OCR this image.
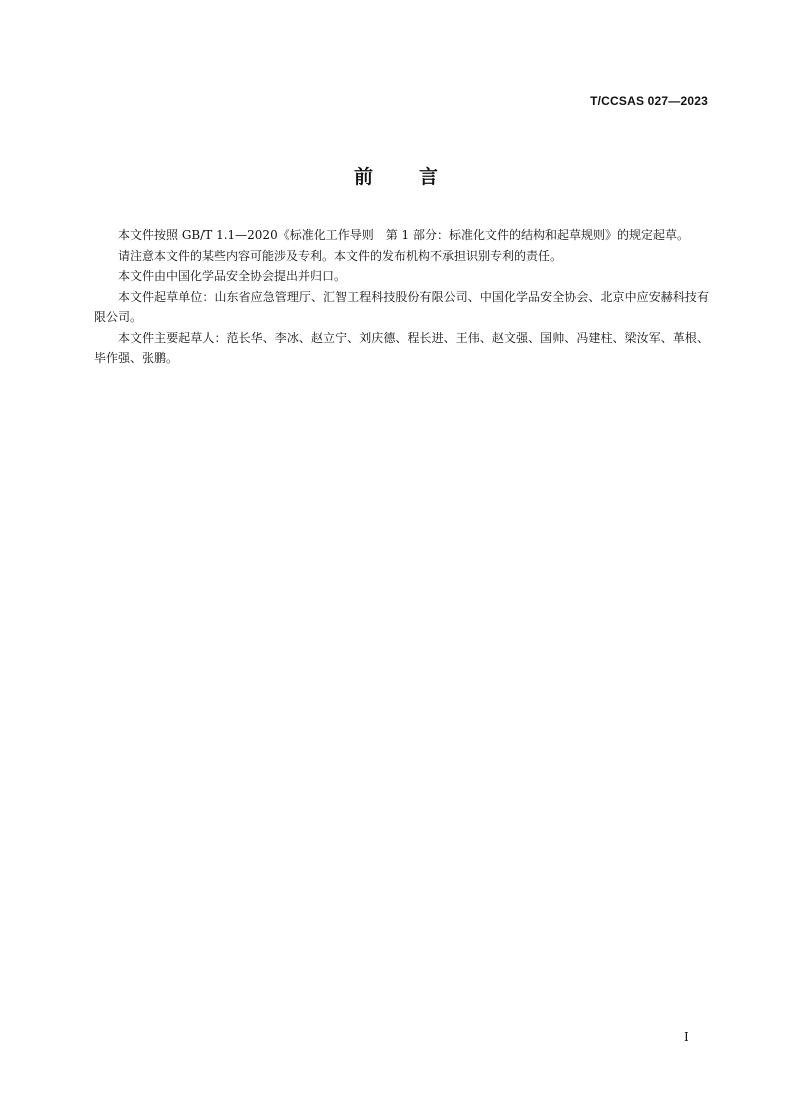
T/CCSAS 027—2023
前言

本文件按照 GB/T 1.1—2020《标准化工作导则　第 1 部分：标准化文件的结构和起草规则》的规定起草。

请注意本文件的某些内容可能涉及专利。本文件的发布机构不承担识别专利的责任。

本文件由中国化学品安全协会提出并归口。

本文件起草单位：山东省应急管理厅、汇智工程科技股份有限公司、中国化学品安全协会、北京中应安赫科技有限公司。

本文件主要起草人：范长华、李冰、赵立宁、刘庆德、程长进、王伟、赵文强、国帅、冯建柱、梁汝军、革根、毕作强、张鹏。

I
